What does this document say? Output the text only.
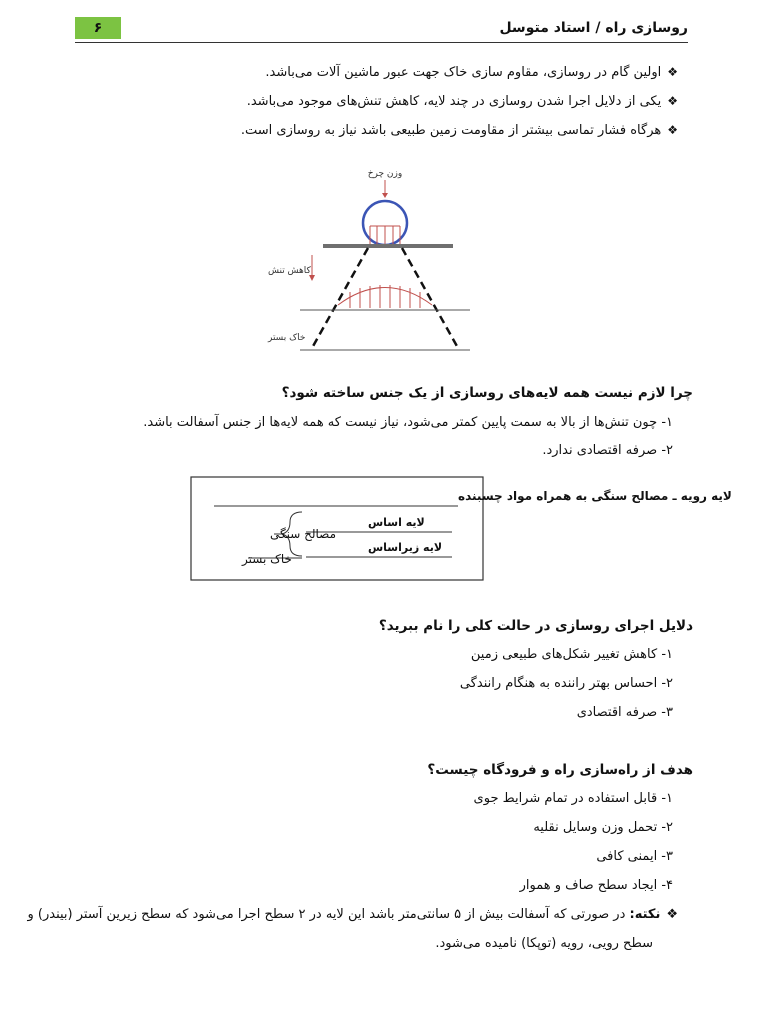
۶	روسازی راه / استاد متوسل
❖اولین گام در روسازی، مقاوم سازی خاک جهت عبور ماشین آلات می‌باشد.
❖یکی از دلایل اجرا شدن روسازی در چند لایه، کاهش تنش‌های موجود می‌باشد.
❖هرگاه فشار تماسی بیشتر از مقاومت زمین طبیعی باشد نیاز به روسازی است.
وزن چرخ
کاهش تنش
خاک بستر
چرا لازم نیست همه لایه‌های روسازی از یک جنس ساخته شود؟
۱- چون تنش‌ها از بالا به سمت پایین کمتر می‌شود، نیاز نیست که همه لایه‌ها از جنس آسفالت باشد.
۲- صرفه اقتصادی ندارد.
لایه رویه ـ مصالح سنگی به همراه مواد چسبنده
لایه اساس
لایه زیراساس
مصالح سنگی
خاک بستر
دلایل اجرای روسازی در حالت کلی را نام ببرید؟
۱- کاهش تغییر شکل‌های طبیعی زمین
۲- احساس بهتر راننده به هنگام رانندگی
۳- صرفه اقتصادی
هدف از راه‌سازی راه و فرودگاه چیست؟
۱- قابل استفاده در تمام شرایط جوی
۲- تحمل وزن وسایل نقلیه
۳- ایمنی کافی
۴- ایجاد سطح صاف و هموار
❖نکته: در صورتی که آسفالت بیش از ۵ سانتی‌متر باشد این لایه در ۲ سطح اجرا می‌شود که سطح زیرین آستر (بیندر) و
سطح رویی، رویه (توپکا) نامیده می‌شود.
